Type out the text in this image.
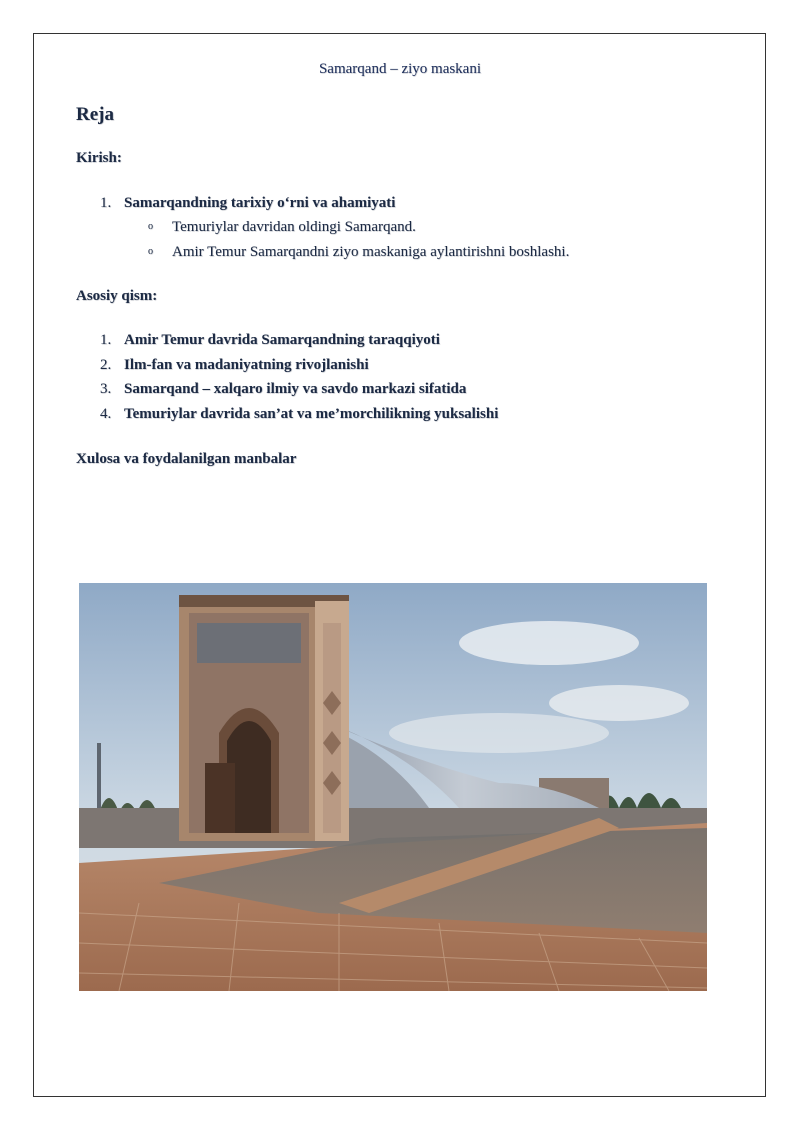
Samarqand – ziyo maskani
Reja
Kirish:
1. Samarqandning tarixiy o‘rni va ahamiyati
o Temuriylar davridan oldingi Samarqand.
o Amir Temur Samarqandni ziyo maskaniga aylantirishni boshlashi.
Asosiy qism:
1. Amir Temur davrida Samarqandning taraqqiyoti
2. Ilm-fan va madaniyatning rivojlanishi
3. Samarqand – xalqaro ilmiy va savdo markazi sifatida
4. Temuriylar davrida san’at va me’morchilikning yuksalishi
Xulosa va foydalanilgan manbalar
